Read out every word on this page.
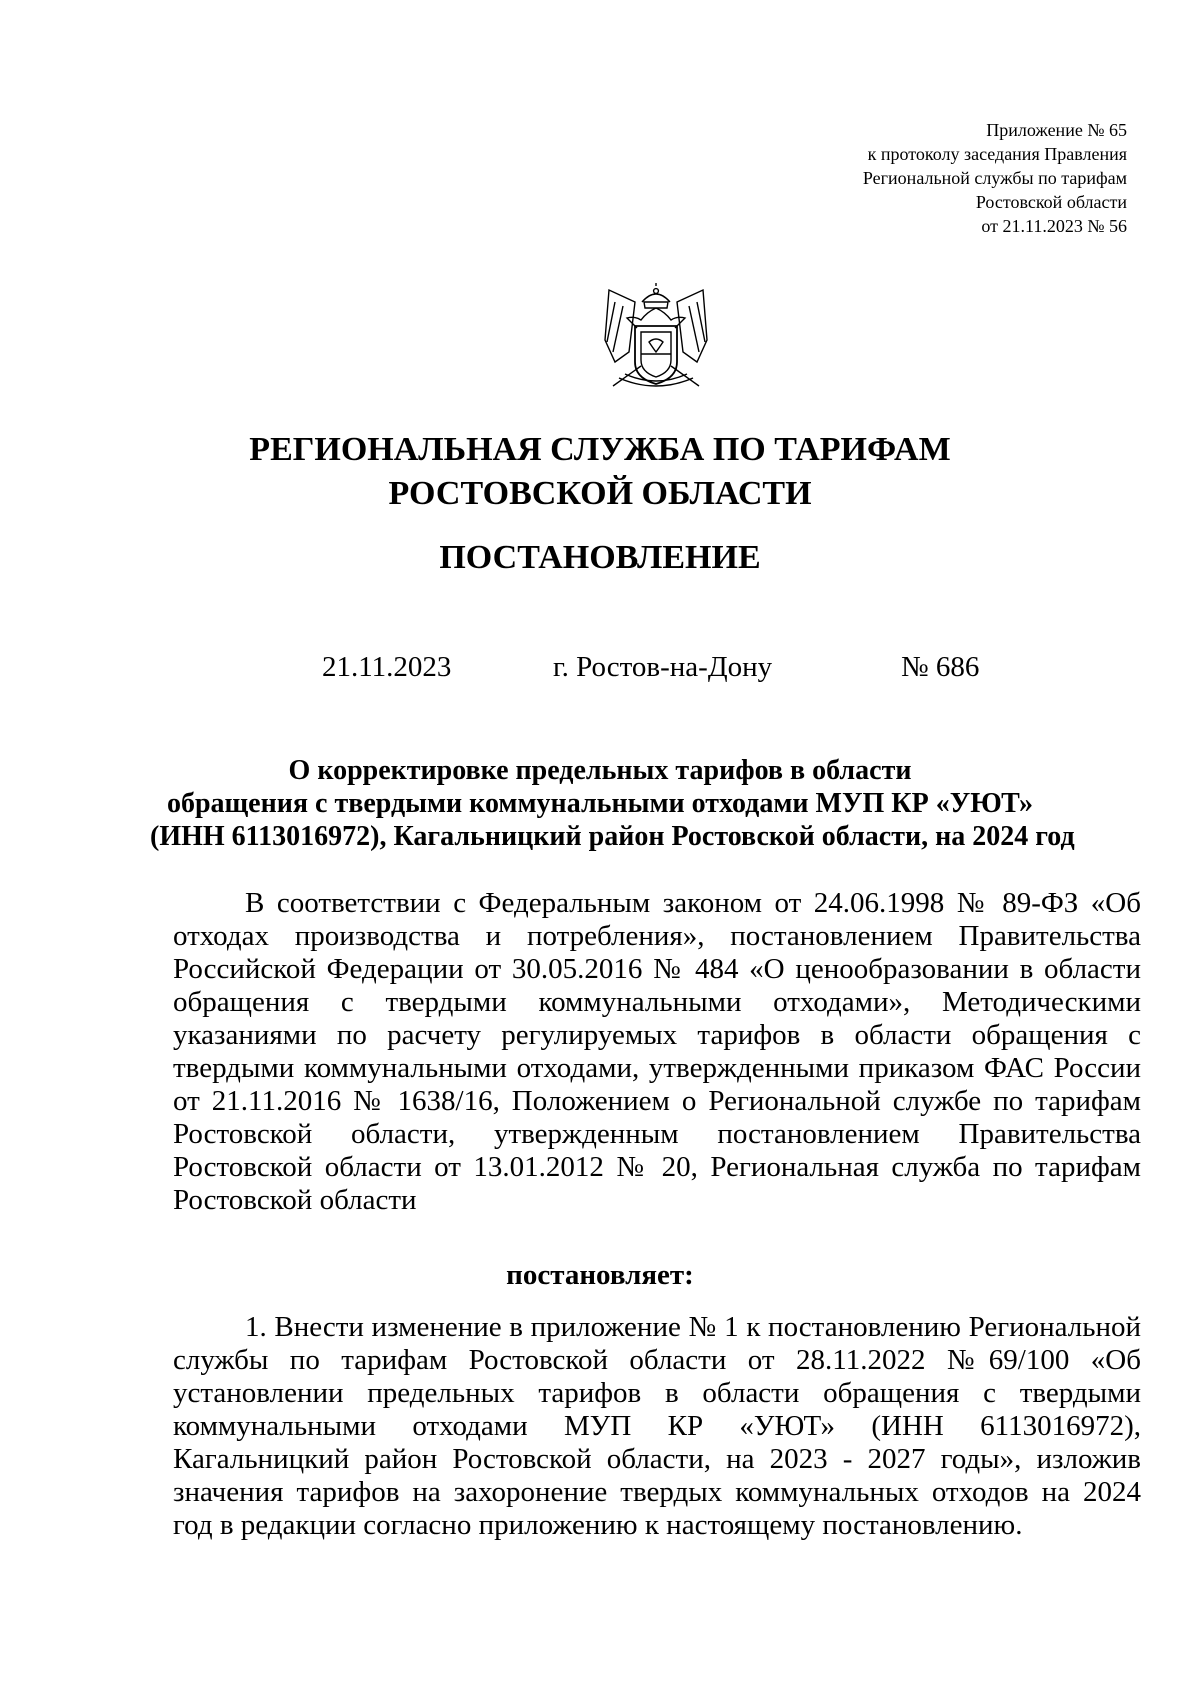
Приложение № 65
к протоколу заседания Правления
Региональной службы по тарифам
Ростовской области
от 21.11.2023 № 56
РЕГИОНАЛЬНАЯ СЛУЖБА ПО ТАРИФАМ
РОСТОВСКОЙ ОБЛАСТИ
ПОСТАНОВЛЕНИЕ
21.11.2023	г. Ростов-на-Дону	№ 686
О корректировке предельных тарифов в области
обращения с твердыми коммунальными отходами МУП КР «УЮТ»
(ИНН 6113016972), Кагальницкий район Ростовской области, на 2024 год

В соответствии с Федеральным законом от 24.06.1998 № 89-ФЗ «Об отходах производства и потребления», постановлением Правительства Российской Федерации от 30.05.2016 № 484 «О ценообразовании в области обращения с твердыми коммунальными отходами», Методическими указаниями по расчету регулируемых тарифов в области обращения с твердыми коммунальными отходами, утвержденными приказом ФАС России от 21.11.2016 № 1638/16, Положением о Региональной службе по тарифам Ростовской области, утвержденным постановлением Правительства Ростовской области от 13.01.2012 № 20, Региональная служба по тарифам Ростовской области

постановляет:

1. Внести изменение в приложение № 1 к постановлению Региональной службы по тарифам Ростовской области от 28.11.2022 №69/100 «Об установлении предельных тарифов в области обращения с твердыми коммунальными отходами МУП КР «УЮТ» (ИНН 6113016972), Кагальницкий район Ростовской области, на 2023 - 2027 годы», изложив значения тарифов на захоронение твердых коммунальных отходов на 2024 год в редакции согласно приложению к настоящему постановлению.
